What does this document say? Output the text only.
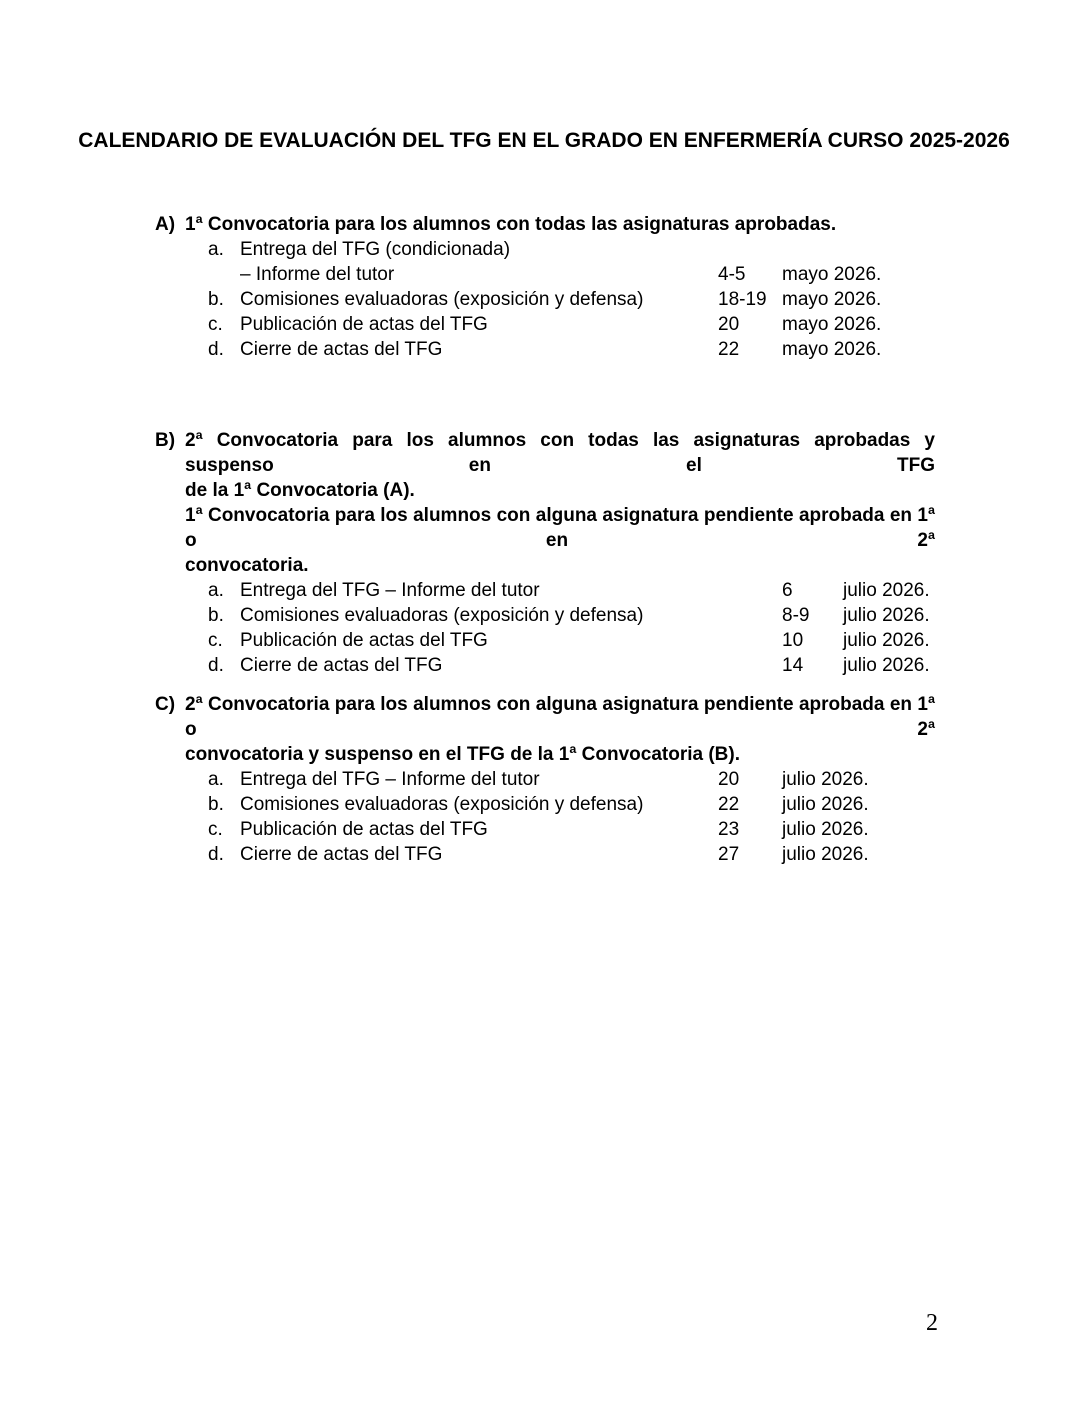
CALENDARIO DE EVALUACIÓN DEL TFG EN EL GRADO EN ENFERMERÍA CURSO 2025-2026
A) 1ª Convocatoria para los alumnos con todas las asignaturas aprobadas.
a. Entrega del TFG (condicionada)
– Informe del tutor	4-5	mayo 2026.
b. Comisiones evaluadoras (exposición y defensa)	18-19 mayo 2026.
c. Publicación de actas del TFG	20	mayo 2026.
d. Cierre de actas del TFG	22	mayo 2026.
B) 2ª Convocatoria para los alumnos con todas las asignaturas aprobadas y suspenso en el TFG
de la 1ª Convocatoria (A).
1ª Convocatoria para los alumnos con alguna asignatura pendiente aprobada en 1ª o en 2ª
convocatoria.
a. Entrega del TFG – Informe del tutor	6	julio 2026.
b. Comisiones evaluadoras (exposición y defensa)	8-9	julio 2026.
c. Publicación de actas del TFG	10	julio 2026.
d. Cierre de actas del TFG	14	julio 2026.
C) 2ª Convocatoria para los alumnos con alguna asignatura pendiente aprobada en 1ª o 2ª
convocatoria y suspenso en el TFG de la 1ª Convocatoria (B).
a. Entrega del TFG – Informe del tutor	20	julio 2026.
b. Comisiones evaluadoras (exposición y defensa)	22	julio 2026.
c. Publicación de actas del TFG	23	julio 2026.
d. Cierre de actas del TFG	27	julio 2026.
2
